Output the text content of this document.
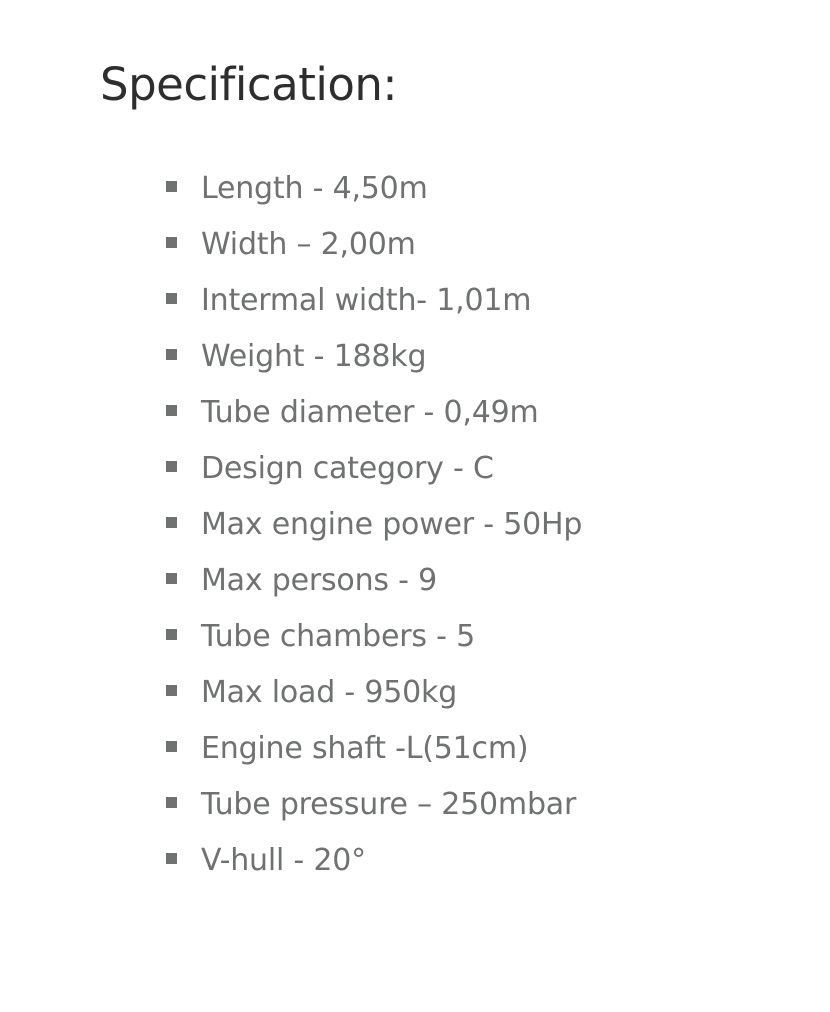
Specification:
Length - 4,50m
Width – 2,00m
Intermal width- 1,01m
Weight - 188kg
Tube diameter - 0,49m
Design category - C
Max engine power - 50Hp
Max persons - 9
Tube chambers - 5
Max load - 950kg
Engine shaft -L(51cm)
Tube pressure – 250mbar
V-hull - 20°
